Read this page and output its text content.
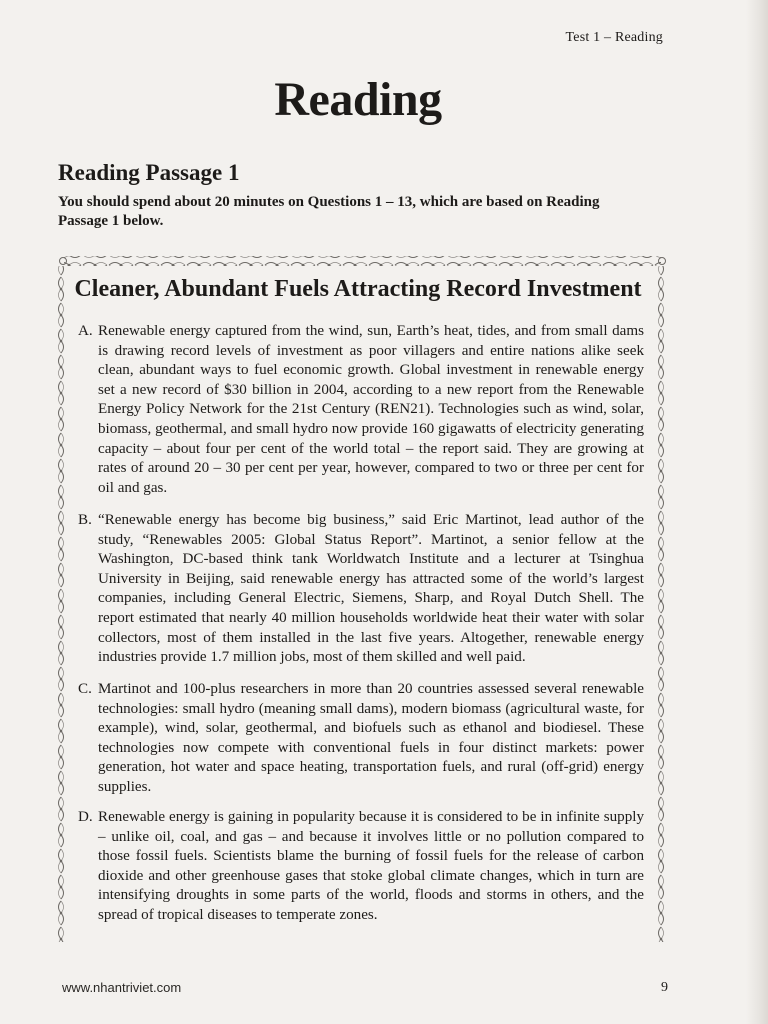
Test 1 – Reading
Reading
Reading Passage 1
You should spend about 20 minutes on Questions 1 – 13, which are based on Reading Passage 1 below.
Cleaner, Abundant Fuels Attracting Record Investment
A. Renewable energy captured from the wind, sun, Earth’s heat, tides, and from small dams is drawing record levels of investment as poor villagers and entire nations alike seek clean, abundant ways to fuel economic growth. Global investment in renewable energy set a new record of $30 billion in 2004, according to a new report from the Renewable Energy Policy Network for the 21st Century (REN21). Technologies such as wind, solar, biomass, geothermal, and small hydro now provide 160 gigawatts of electricity generating capacity – about four per cent of the world total – the report said. They are growing at rates of around 20 – 30 per cent per year, however, compared to two or three per cent for oil and gas.
B. “Renewable energy has become big business,” said Eric Martinot, lead author of the study, “Renewables 2005: Global Status Report”. Martinot, a senior fellow at the Washington, DC-based think tank Worldwatch Institute and a lecturer at Tsinghua University in Beijing, said renewable energy has attracted some of the world’s largest companies, including General Electric, Siemens, Sharp, and Royal Dutch Shell. The report estimated that nearly 40 million households worldwide heat their water with solar collectors, most of them installed in the last five years. Altogether, renewable energy industries provide 1.7 million jobs, most of them skilled and well paid.
C. Martinot and 100-plus researchers in more than 20 countries assessed several renewable technologies: small hydro (meaning small dams), modern biomass (agricultural waste, for example), wind, solar, geothermal, and biofuels such as ethanol and biodiesel. These technologies now compete with conventional fuels in four distinct markets: power generation, hot water and space heating, transportation fuels, and rural (off-grid) energy supplies.
D. Renewable energy is gaining in popularity because it is considered to be in infinite supply – unlike oil, coal, and gas – and because it involves little or no pollution compared to those fossil fuels. Scientists blame the burning of fossil fuels for the release of carbon dioxide and other greenhouse gases that stoke global climate changes, which in turn are intensifying droughts in some parts of the world, floods and storms in others, and the spread of tropical diseases to temperate zones.
www.nhantriviet.com	9
